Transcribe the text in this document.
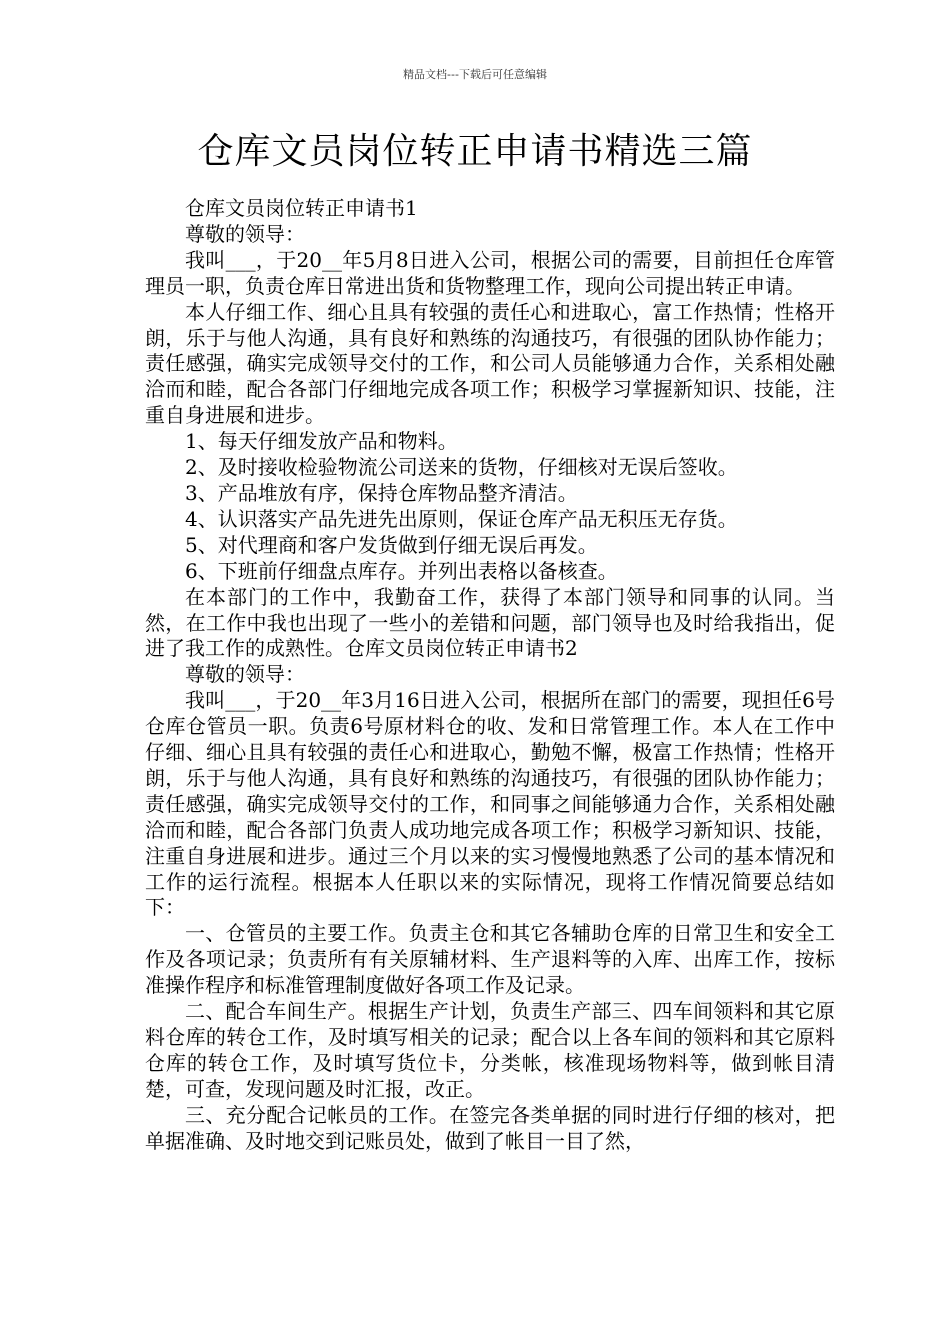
精品文档---下载后可任意编辑
仓库文员岗位转正申请书精选三篇

仓库文员岗位转正申请书1

尊敬的领导：

我叫___，于20__年5月8日进入公司，根据公司的需要，目前担任仓库管理员一职，负责仓库日常进出货和货物整理工作，现向公司提出转正申请。

本人仔细工作、细心且具有较强的责任心和进取心，富工作热情；性格开朗，乐于与他人沟通，具有良好和熟练的沟通技巧，有很强的团队协作能力；责任感强，确实完成领导交付的工作，和公司人员能够通力合作，关系相处融洽而和睦，配合各部门仔细地完成各项工作；积极学习掌握新知识、技能，注重自身进展和进步。

1、每天仔细发放产品和物料。

2、及时接收检验物流公司送来的货物，仔细核对无误后签收。

3、产品堆放有序，保持仓库物品整齐清洁。

4、认识落实产品先进先出原则，保证仓库产品无积压无存货。

5、对代理商和客户发货做到仔细无误后再发。

6、下班前仔细盘点库存。并列出表格以备核查。

在本部门的工作中，我勤奋工作，获得了本部门领导和同事的认同。当然，在工作中我也出现了一些小的差错和问题，部门领导也及时给我指出，促进了我工作的成熟性。仓库文员岗位转正申请书2

尊敬的领导：

我叫___，于20__年3月16日进入公司，根据所在部门的需要，现担任6号仓库仓管员一职。负责6号原材料仓的收、发和日常管理工作。本人在工作中仔细、细心且具有较强的责任心和进取心，勤勉不懈，极富工作热情；性格开朗，乐于与他人沟通，具有良好和熟练的沟通技巧，有很强的团队协作能力；责任感强，确实完成领导交付的工作，和同事之间能够通力合作，关系相处融洽而和睦，配合各部门负责人成功地完成各项工作；积极学习新知识、技能，注重自身进展和进步。通过三个月以来的实习慢慢地熟悉了公司的基本情况和工作的运行流程。根据本人任职以来的实际情况，现将工作情况简要总结如下：

一、仓管员的主要工作。负责主仓和其它各辅助仓库的日常卫生和安全工作及各项记录；负责所有有关原辅材料、生产退料等的入库、出库工作，按标准操作程序和标准管理制度做好各项工作及记录。

二、配合车间生产。根据生产计划，负责生产部三、四车间领料和其它原料仓库的转仓工作，及时填写相关的记录；配合以上各车间的领料和其它原料仓库的转仓工作，及时填写货位卡，分类帐，核准现场物料等，做到帐目清楚，可查，发现问题及时汇报，改正。

三、充分配合记帐员的工作。在签完各类单据的同时进行仔细的核对，把单据准确、及时地交到记账员处，做到了帐目一目了然，
